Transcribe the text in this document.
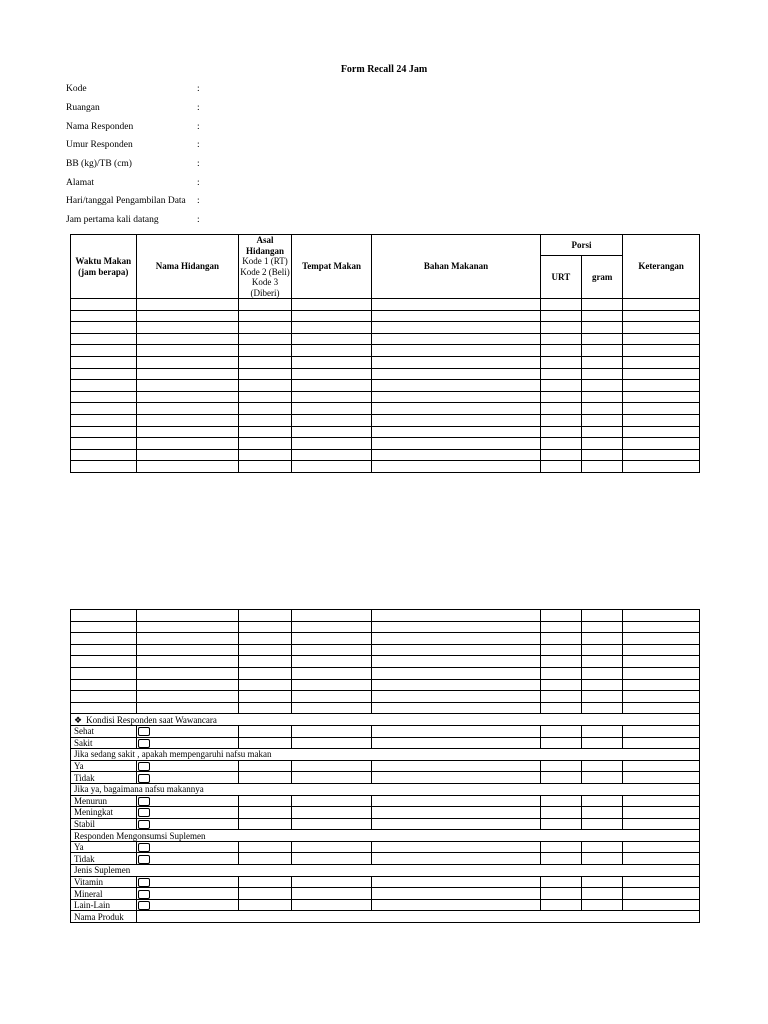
Form Recall 24 Jam
Kode	:
Ruangan	:
Nama Responden	:
Umur Responden	:
BB (kg)/TB (cm)	:
Alamat	:
Hari/tanggal Pengambilan Data :
Jam pertama kali datang	:
Waktu Makan (jam berapa)	Nama Hidangan	Asal Hidangan
Kode 1 (RT)
Kode 2 (Beli)
Kode 3 (Diberi)	Tempat Makan	Bahan Makanan	Porsi		Keterangan
					URT	gram	

❖ Kondisi Responden saat Wawancara							
Sehat							
Sakit							
Jika sedang sakit , apakah mempengaruhi nafsu makan							
Ya							
Tidak							
Jika ya, bagaimana nafsu makannya							
Menurun							
Meningkat							
Stabil							
Responden Mengonsumsi Suplemen							
Ya							
Tidak							
Jenis Suplemen							
Vitamin							
Mineral							
Lain-Lain							
Nama Produk							
